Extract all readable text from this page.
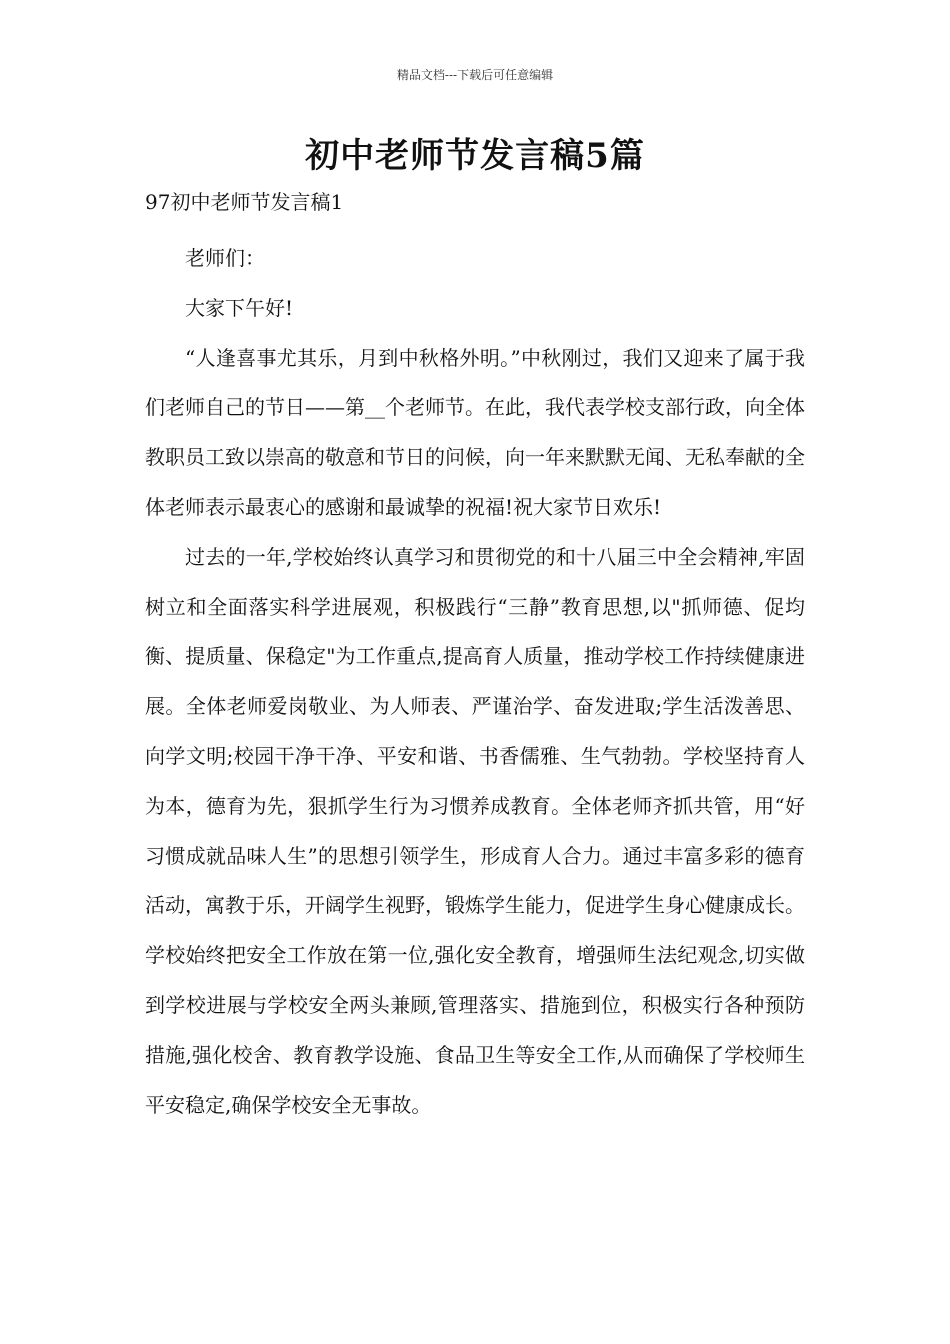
精品文档---下载后可任意编辑
初中老师节发言稿5篇
97初中老师节发言稿1

老师们：

大家下午好!

“人逢喜事尤其乐，月到中秋格外明。”中秋刚过，我们又迎来了属于我们老师自己的节日——第__个老师节。在此，我代表学校支部行政，向全体教职员工致以崇高的敬意和节日的问候，向一年来默默无闻、无私奉献的全体老师表示最衷心的感谢和最诚挚的祝福!祝大家节日欢乐!

过去的一年,学校始终认真学习和贯彻党的和十八届三中全会精神,牢固树立和全面落实科学进展观，积极践行“三静”教育思想,以"抓师德、促均衡、提质量、保稳定"为工作重点,提高育人质量，推动学校工作持续健康进展。全体老师爱岗敬业、为人师表、严谨治学、奋发进取;学生活泼善思、向学文明;校园干净干净、平安和谐、书香儒雅、生气勃勃。学校坚持育人为本，德育为先，狠抓学生行为习惯养成教育。全体老师齐抓共管，用“好习惯成就品味人生”的思想引领学生，形成育人合力。通过丰富多彩的德育活动，寓教于乐，开阔学生视野，锻炼学生能力，促进学生身心健康成长。学校始终把安全工作放在第一位,强化安全教育，增强师生法纪观念,切实做到学校进展与学校安全两头兼顾,管理落实、措施到位，积极实行各种预防措施,强化校舍、教育教学设施、食品卫生等安全工作,从而确保了学校师生平安稳定,确保学校安全无事故。
